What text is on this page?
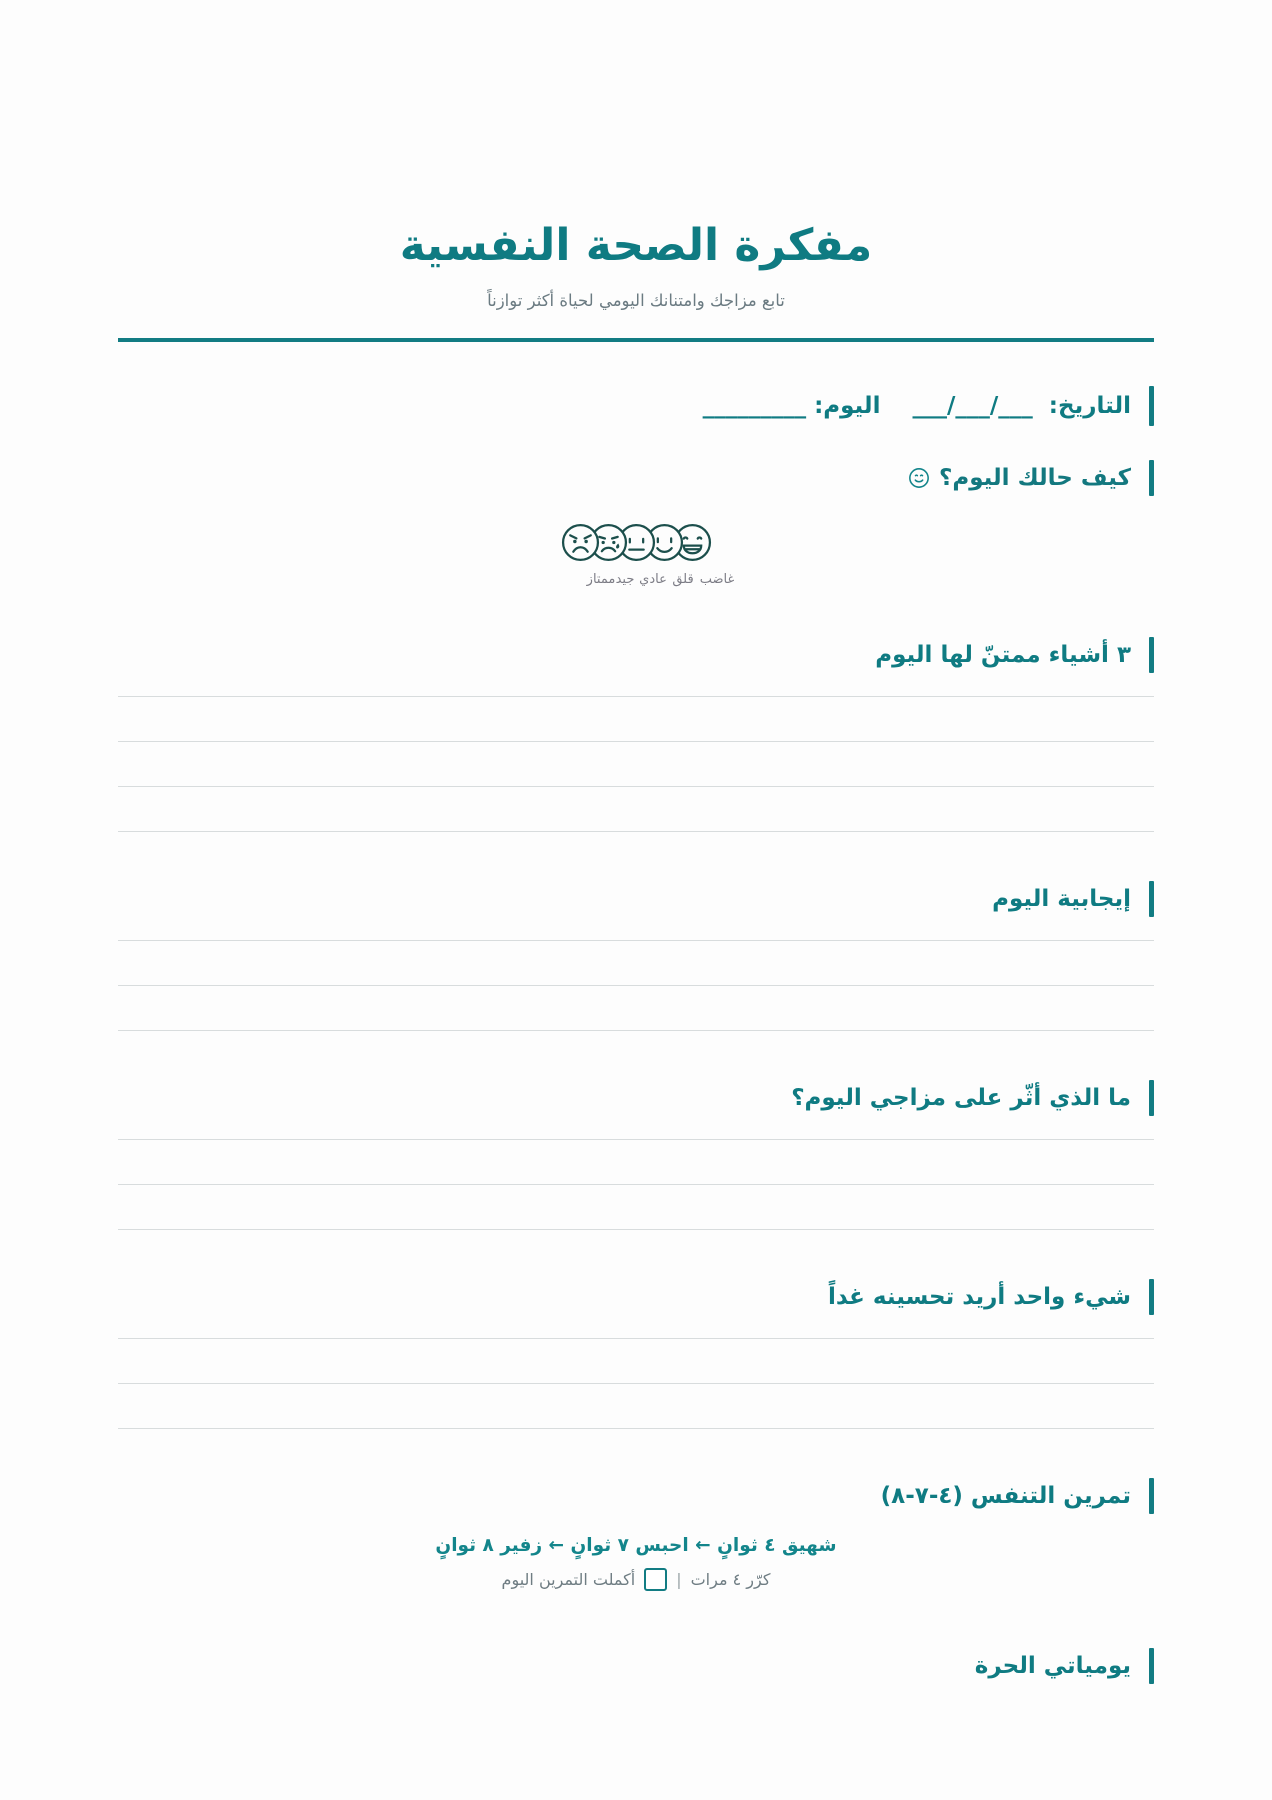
مفكرة الصحة النفسية

تابع مزاجك وامتنانك اليومي لحياة أكثر توازناً

التاريخ:  ___/___/___    اليوم: _________
كيف حالك اليوم؟
غاضب
قلق
عادي
جيد
ممتاز
٣ أشياء ممتنّ لها اليوم
إيجابية اليوم
ما الذي أثّر على مزاجي اليوم؟
شيء واحد أريد تحسينه غداً
تمرين التنفس (٤-٧-٨)
شهيق ٤ ثوانٍ ← احبس ٧ ثوانٍ ← زفير ٨ ثوانٍ
كرّر ٤ مرات
|
أكملت التمرين اليوم
يومياتي الحرة
